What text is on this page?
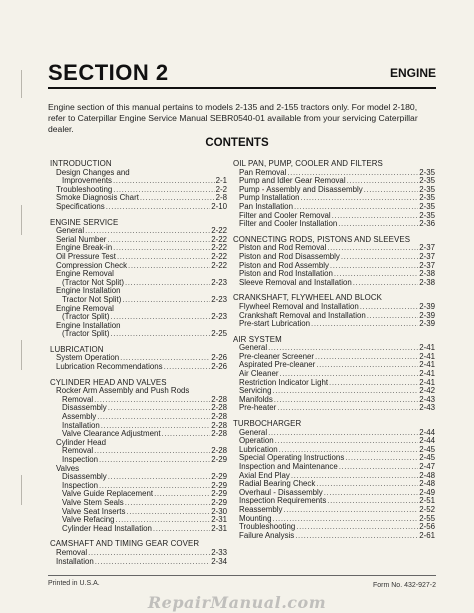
SECTION 2	ENGINE
Engine section of this manual pertains to models 2-135 and 2-155 tractors only. For model 2-180, refer to Caterpillar Engine Service Manual SEBR0540-01 available from your servicing Caterpillar dealer.
CONTENTS
INTRODUCTION
Design Changes and
Improvements .....	2-1
Troubleshooting .....	2-2
Smoke Diagnosis Chart .....	2-8
Specifications .....	2-10
ENGINE SERVICE
General .....	2-22
Serial Number .....	2-22
Engine Break-in .....	2-22
Oil Pressure Test .....	2-22
Compression Check .....	2-22
Engine Removal
(Tractor Not Split) .....	2-23
Engine Installation
Tractor Not Split) .....	2-23
Engine Removal
(Tractor Split) .....	2-23
Engine Installation
(Tractor Split) .....	2-25
LUBRICATION
System Operation .....	2-26
Lubrication Recommendations .....	2-26
CYLINDER HEAD AND VALVES
Rocker Arm Assembly and Push Rods
Removal .....	2-28
Disassembly .....	2-28
Assembly .....	2-28
Installation .....	2-28
Valve Clearance Adjustment .....	2-28
Cylinder Head
Removal .....	2-28
Inspection .....	2-29
Valves
Disassembly .....	2-29
Inspection .....	2-29
Valve Guide Replacement .....	2-29
Valve Stem Seals .....	2-29
Valve Seat Inserts .....	2-30
Valve Refacing .....	2-31
Cylinder Head Installation .....	2-31
CAMSHAFT AND TIMING GEAR COVER
Removal .....	2-33
Installation .....	2-34
OIL PAN, PUMP, COOLER AND FILTERS
Pan Removal .....	2-35
Pump and Idler Gear Removal .....	2-35
Pump - Assembly and Disassembly .....	2-35
Pump Installation .....	2-35
Pan Installation .....	2-35
Filter and Cooler Removal .....	2-35
Filter and Cooler Installation .....	2-36
CONNECTING RODS, PISTONS AND SLEEVES
Piston and Rod Removal .....	2-37
Piston and Rod Disassembly .....	2-37
Piston and Rod Assembly .....	2-37
Piston and Rod Installation .....	2-38
Sleeve Removal and Installation .....	2-38
CRANKSHAFT, FLYWHEEL AND BLOCK
Flywheel Removal and Installation .....	2-39
Crankshaft Removal and Installation .....	2-39
Pre-start Lubrication .....	2-39
AIR SYSTEM
General .....	2-41
Pre-cleaner Screener .....	2-41
Aspirated Pre-cleaner .....	2-41
Air Cleaner .....	2-41
Restriction Indicator Light .....	2-41
Servicing .....	2-42
Manifolds .....	2-43
Pre-heater .....	2-43
TURBOCHARGER
General .....	2-44
Operation .....	2-44
Lubrication .....	2-45
Special Operating Instructions .....	2-45
Inspection and Maintenance .....	2-47
Axial End Play .....	2-48
Radial Bearing Check .....	2-48
Overhaul - Disassembly .....	2-49
Inspection Requirements .....	2-51
Reassembly .....	2-52
Mounting .....	2-55
Troubleshooting .....	2-56
Failure Analysis .....	2-61
Printed in U.S.A.	Form No. 432-927-2
RepairManual.com
